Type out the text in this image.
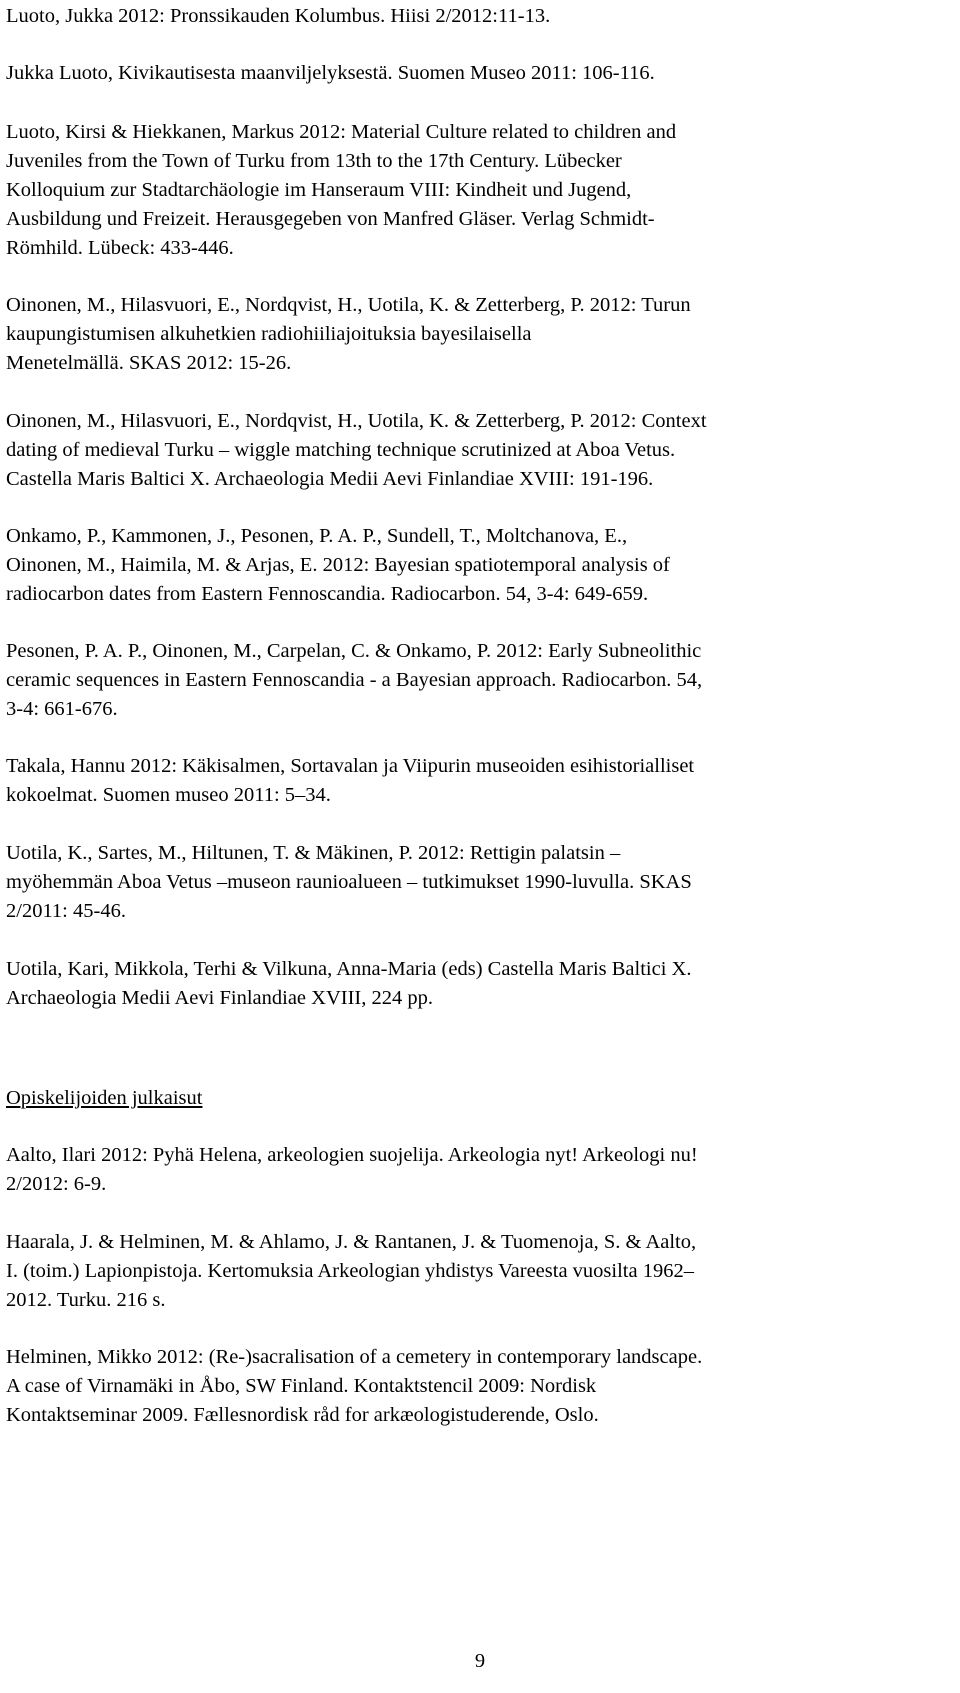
Luoto, Jukka 2012: Pronssikauden Kolumbus. Hiisi 2/2012:11-13.
Jukka Luoto, Kivikautisesta maanviljelyksestä. Suomen Museo 2011: 106-116.
Luoto, Kirsi & Hiekkanen, Markus 2012: Material Culture related to children and
Juveniles from the Town of Turku from 13th to the 17th Century. Lübecker
Kolloquium zur Stadtarchäologie im Hanseraum VIII: Kindheit und Jugend,
Ausbildung und Freizeit. Herausgegeben von Manfred Gläser. Verlag Schmidt-
Römhild. Lübeck: 433-446.
Oinonen, M., Hilasvuori, E., Nordqvist, H., Uotila, K. & Zetterberg, P. 2012: Turun
kaupungistumisen alkuhetkien radiohiiliajoituksia bayesilaisella
Menetelmällä. SKAS 2012: 15-26.
Oinonen, M., Hilasvuori, E., Nordqvist, H., Uotila, K. & Zetterberg, P. 2012: Context
dating of medieval Turku – wiggle matching technique scrutinized at Aboa Vetus.
Castella Maris Baltici X. Archaeologia Medii Aevi Finlandiae XVIII: 191-196.
Onkamo, P., Kammonen, J., Pesonen, P. A. P., Sundell, T., Moltchanova, E.,
Oinonen, M., Haimila, M. & Arjas, E. 2012: Bayesian spatiotemporal analysis of
radiocarbon dates from Eastern Fennoscandia. Radiocarbon. 54, 3-4: 649-659.
Pesonen, P. A. P., Oinonen, M., Carpelan, C. & Onkamo, P. 2012: Early Subneolithic
ceramic sequences in Eastern Fennoscandia - a Bayesian approach. Radiocarbon. 54,
3-4: 661-676.
Takala, Hannu 2012: Käkisalmen, Sortavalan ja Viipurin museoiden esihistorialliset
kokoelmat. Suomen museo 2011: 5–34.
Uotila, K., Sartes, M., Hiltunen, T. & Mäkinen, P. 2012: Rettigin palatsin –
myöhemmän Aboa Vetus –museon raunioalueen – tutkimukset 1990-luvulla. SKAS
2/2011: 45-46.
Uotila, Kari, Mikkola, Terhi & Vilkuna, Anna-Maria (eds) Castella Maris Baltici X.
Archaeologia Medii Aevi Finlandiae XVIII, 224 pp.
Opiskelijoiden julkaisut
Aalto, Ilari 2012: Pyhä Helena, arkeologien suojelija. Arkeologia nyt! Arkeologi nu!
2/2012: 6-9.
Haarala, J. & Helminen, M. & Ahlamo, J. & Rantanen, J. & Tuomenoja, S. & Aalto,
I. (toim.) Lapionpistoja. Kertomuksia Arkeologian yhdistys Vareesta vuosilta 1962–
2012. Turku. 216 s.
Helminen, Mikko 2012: (Re-)sacralisation of a cemetery in contemporary landscape.
A case of Virnamäki in Åbo, SW Finland. Kontaktstencil 2009: Nordisk
Kontaktseminar 2009. Fællesnordisk råd for arkæologistuderende, Oslo.
9
